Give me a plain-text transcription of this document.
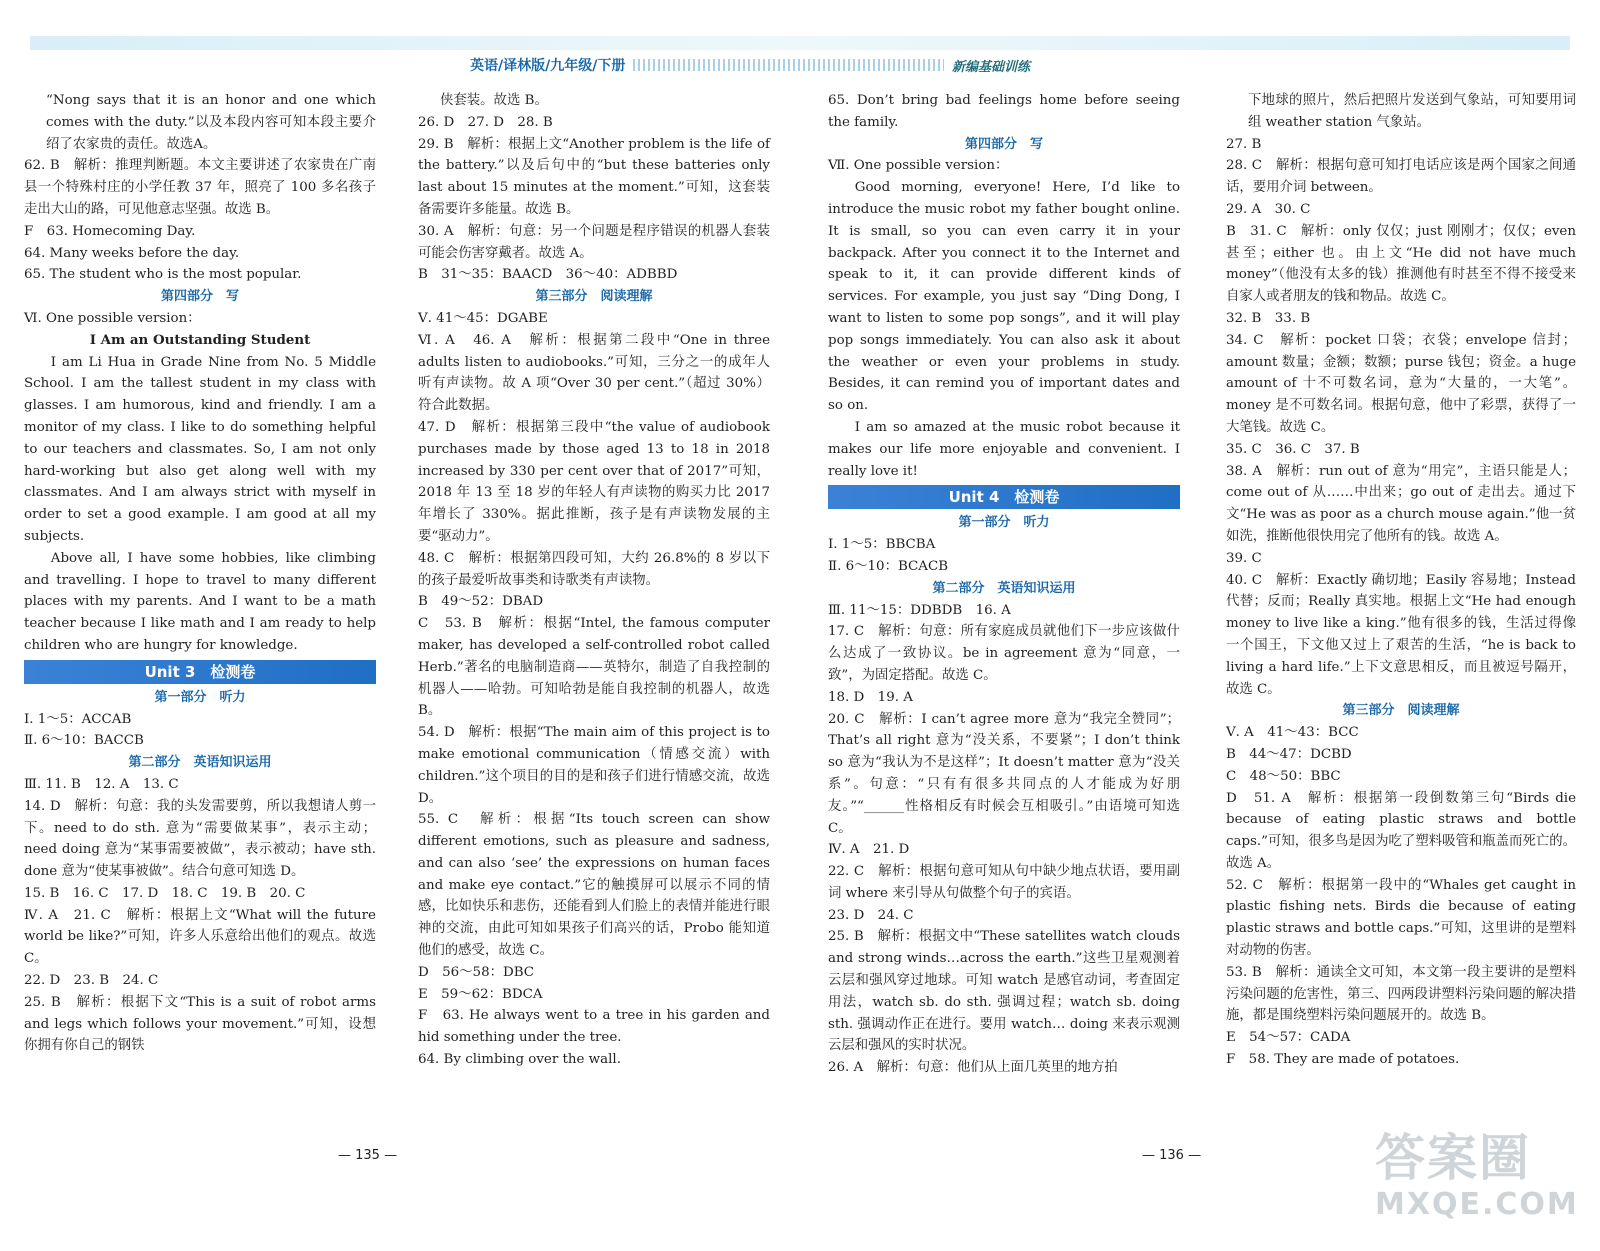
英语/译林版/九年级/下册	新编基础训练

“Nong says that it is an honor and one which comes with the duty.”以及本段内容可知本段主要介绍了农家贵的责任。故选A。

62. B　解析：推理判断题。本文主要讲述了农家贵在广南县一个特殊村庄的小学任教 37 年，照亮了 100 多名孩子走出大山的路，可见他意志坚强。故选 B。

F　63. Homecoming Day.

64. Many weeks before the day.

65. The student who is the most popular.

第四部分　写

Ⅵ. One possible version：

I Am an Outstanding Student

I am Li Hua in Grade Nine from No. 5 Middle School. I am the tallest student in my class with glasses. I am humorous, kind and friendly. I am a monitor of my class. I like to do something helpful to our teachers and classmates. So, I am not only hard-working but also get along well with my classmates. And I am always strict with myself in order to set a good example. I am good at all my subjects.

Above all, I have some hobbies, like climbing and travelling. I hope to travel to many different places with my parents. And I want to be a math teacher because I like math and I am ready to help children who are hungry for knowledge.

Unit 3　检测卷

第一部分　听力

Ⅰ. 1～5：ACCAB

Ⅱ. 6～10：BACCB

第二部分　英语知识运用

Ⅲ. 11. B　12. A　13. C

14. D　解析：句意：我的头发需要剪，所以我想请人剪一下。need to do sth. 意为“需要做某事”，表示主动；need doing 意为“某事需要被做”，表示被动；have sth. done 意为“使某事被做”。结合句意可知选 D。

15. B　16. C　17. D　18. C　19. B　20. C

Ⅳ. A　21. C　解析：根据上文“What will the future world be like?”可知，许多人乐意给出他们的观点。故选 C。

22. D　23. B　24. C

25. B　解析：根据下文“This is a suit of robot arms and legs which follows your movement.”可知，设想你拥有你自己的钢铁

侠套装。故选 B。

26. D　27. D　28. B

29. B　解析：根据上文“Another problem is the life of the battery.”以及后句中的“but these batteries only last about 15 minutes at the moment.”可知，这套装备需要许多能量。故选 B。

30. A　解析：句意：另一个问题是程序错误的机器人套装可能会伤害穿戴者。故选 A。

B　31～35：BAACD　36～40：ADBBD

第三部分　阅读理解

Ⅴ. 41～45：DGABE

Ⅵ. A　46. A　解析：根据第二段中“One in three adults listen to audiobooks.”可知，三分之一的成年人听有声读物。故 A 项“Over 30 per cent.”（超过 30%）符合此数据。

47. D　解析：根据第三段中“the value of audiobook purchases made by those aged 13 to 18 in 2018 increased by 330 per cent over that of 2017”可知，2018 年 13 至 18 岁的年轻人有声读物的购买力比 2017 年增长了 330%。据此推断，孩子是有声读物发展的主要“驱动力”。

48. C　解析：根据第四段可知，大约 26.8%的 8 岁以下的孩子最爱听故事类和诗歌类有声读物。

B　49～52：DBAD

C　53. B　解析：根据“Intel, the famous computer maker, has developed a self-controlled robot called Herb.”著名的电脑制造商——英特尔，制造了自我控制的机器人——哈勃。可知哈勃是能自我控制的机器人，故选 B。

54. D　解析：根据“The main aim of this project is to make emotional communication（情感交流）with children.”这个项目的目的是和孩子们进行情感交流，故选 D。

55. C　解析：根据“Its touch screen can show different emotions, such as pleasure and sadness, and can also ‘see’ the expressions on human faces and make eye contact.”它的触摸屏可以展示不同的情感，比如快乐和悲伤，还能看到人们脸上的表情并能进行眼神的交流，由此可知如果孩子们高兴的话，Probo 能知道他们的感受，故选 C。

D　56～58：DBC

E　59～62：BDCA

F　63. He always went to a tree in his garden and hid something under the tree.

64. By climbing over the wall.

65. Don’t bring bad feelings home before seeing the family.

第四部分　写

Ⅶ. One possible version：

Good morning, everyone! Here, I’d like to introduce the music robot my father bought online. It is small, so you can even carry it in your backpack. After you connect it to the Internet and speak to it, it can provide different kinds of services. For example, you just say “Ding Dong, I want to listen to some pop songs”, and it will play pop songs immediately. You can also ask it about the weather or even your problems in study. Besides, it can remind you of important dates and so on.

I am so amazed at the music robot because it makes our life more enjoyable and convenient. I really love it!

Unit 4　检测卷

第一部分　听力

Ⅰ. 1～5：BBCBA

Ⅱ. 6～10：BCACB

第二部分　英语知识运用

Ⅲ. 11～15：DDBDB　16. A

17. C　解析：句意：所有家庭成员就他们下一步应该做什么达成了一致协议。be in agreement 意为“同意，一致”，为固定搭配。故选 C。

18. D　19. A

20. C　解析：I can’t agree more 意为“我完全赞同”；That’s all right 意为“没关系，不要紧”；I don’t think so 意为“我认为不是这样”；It doesn’t matter 意为“没关系”。句意：“只有有很多共同点的人才能成为好朋友。”“______性格相反有时候会互相吸引。”由语境可知选 C。

Ⅳ. A　21. D

22. C　解析：根据句意可知从句中缺少地点状语，要用副词 where 来引导从句做整个句子的宾语。

23. D　24. C

25. B　解析：根据文中“These satellites watch clouds and strong winds…across the earth.”这些卫星观测着云层和强风穿过地球。可知 watch 是感官动词，考查固定用法，watch sb. do sth. 强调过程；watch sb. doing sth. 强调动作正在进行。要用 watch… doing 来表示观测云层和强风的实时状况。

26. A　解析：句意：他们从上面几英里的地方拍

下地球的照片，然后把照片发送到气象站，可知要用词组 weather station 气象站。

27. B

28. C　解析：根据句意可知打电话应该是两个国家之间通话，要用介词 between。

29. A　30. C

B　31. C　解析：only 仅仅；just 刚刚才；仅仅；even 甚至；either 也。由上文“He did not have much money”（他没有太多的钱）推测他有时甚至不得不接受来自家人或者朋友的钱和物品。故选 C。

32. B　33. B

34. C　解析：pocket 口袋；衣袋；envelope 信封；amount 数量；金额；数额；purse 钱包；资金。a huge amount of 十不可数名词，意为“大量的，一大笔”。money 是不可数名词。根据句意，他中了彩票，获得了一大笔钱。故选 C。

35. C　36. C　37. B

38. A　解析：run out of 意为“用完”，主语只能是人；come out of 从……中出来；go out of 走出去。通过下文“He was as poor as a church mouse again.”他一贫如洗，推断他很快用完了他所有的钱。故选 A。

39. C

40. C　解析：Exactly 确切地；Easily 容易地；Instead 代替；反而；Really 真实地。根据上文“He had enough money to live like a king.”他有很多的钱，生活过得像一个国王，下文他又过上了艰苦的生活，“he is back to living a hard life.”上下文意思相反，而且被逗号隔开，故选 C。

第三部分　阅读理解

Ⅴ. A　41～43：BCC

B　44～47：DCBD

C　48～50：BBC

D　51. A　解析：根据第一段倒数第三句“Birds die because of eating plastic straws and bottle caps.”可知，很多鸟是因为吃了塑料吸管和瓶盖而死亡的。故选 A。

52. C　解析：根据第一段中的“Whales get caught in plastic fishing nets. Birds die because of eating plastic straws and bottle caps.”可知，这里讲的是塑料对动物的伤害。

53. B　解析：通读全文可知，本文第一段主要讲的是塑料污染问题的危害性，第三、四两段讲塑料污染问题的解决措施，都是围绕塑料污染问题展开的。故选 B。

E　54～57：CADA

F　58. They are made of potatoes.

— 135 —	— 136 —	答案圈
MXQE.COM
